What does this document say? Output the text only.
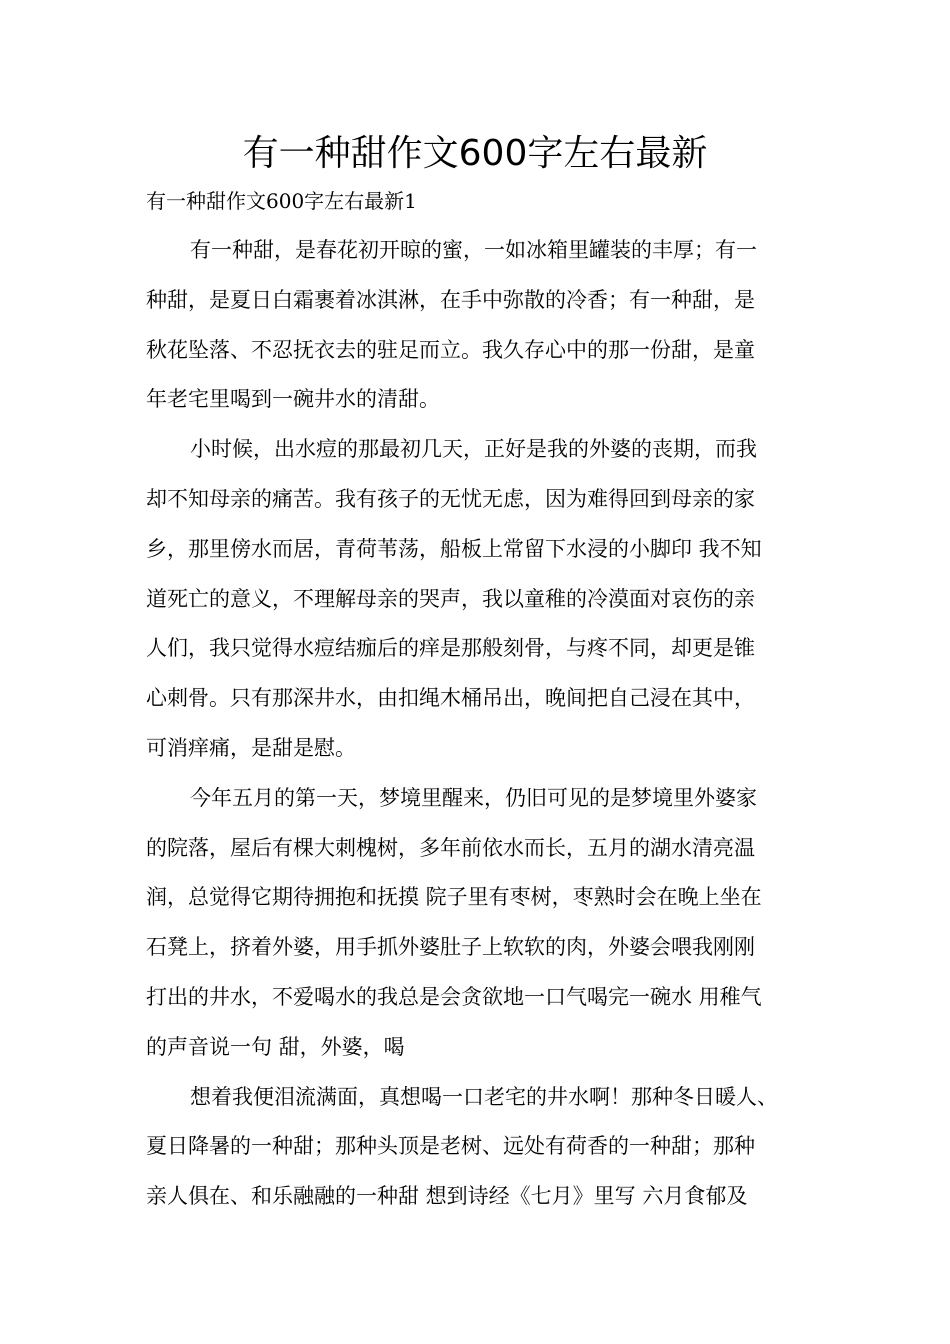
有一种甜作文600字左右最新

有一种甜作文600字左右最新1

有一种甜，是春花初开晾的蜜，一如冰箱里罐装的丰厚；有一
种甜，是夏日白霜裹着冰淇淋，在手中弥散的冷香；有一种甜，是
秋花坠落、不忍抚衣去的驻足而立。我久存心中的那一份甜，是童
年老宅里喝到一碗井水的清甜。

小时候，出水痘的那最初几天，正好是我的外婆的丧期，而我
却不知母亲的痛苦。我有孩子的无忧无虑，因为难得回到母亲的家
乡，那里傍水而居，青荷苇荡，船板上常留下水浸的小脚印 我不知
道死亡的意义，不理解母亲的哭声，我以童稚的冷漠面对哀伤的亲
人们，我只觉得水痘结痂后的痒是那般刻骨，与疼不同，却更是锥
心刺骨。只有那深井水，由扣绳木桶吊出，晚间把自己浸在其中，
可消痒痛，是甜是慰。

今年五月的第一天，梦境里醒来，仍旧可见的是梦境里外婆家
的院落，屋后有棵大刺槐树，多年前依水而长，五月的湖水清亮温
润，总觉得它期待拥抱和抚摸 院子里有枣树，枣熟时会在晚上坐在
石凳上，挤着外婆，用手抓外婆肚子上软软的肉，外婆会喂我刚刚
打出的井水，不爱喝水的我总是会贪欲地一口气喝完一碗水 用稚气
的声音说一句 甜，外婆，喝

想着我便泪流满面，真想喝一口老宅的井水啊！那种冬日暖人、
夏日降暑的一种甜；那种头顶是老树、远处有荷香的一种甜；那种
亲人俱在、和乐融融的一种甜 想到诗经《七月》里写 六月食郁及
